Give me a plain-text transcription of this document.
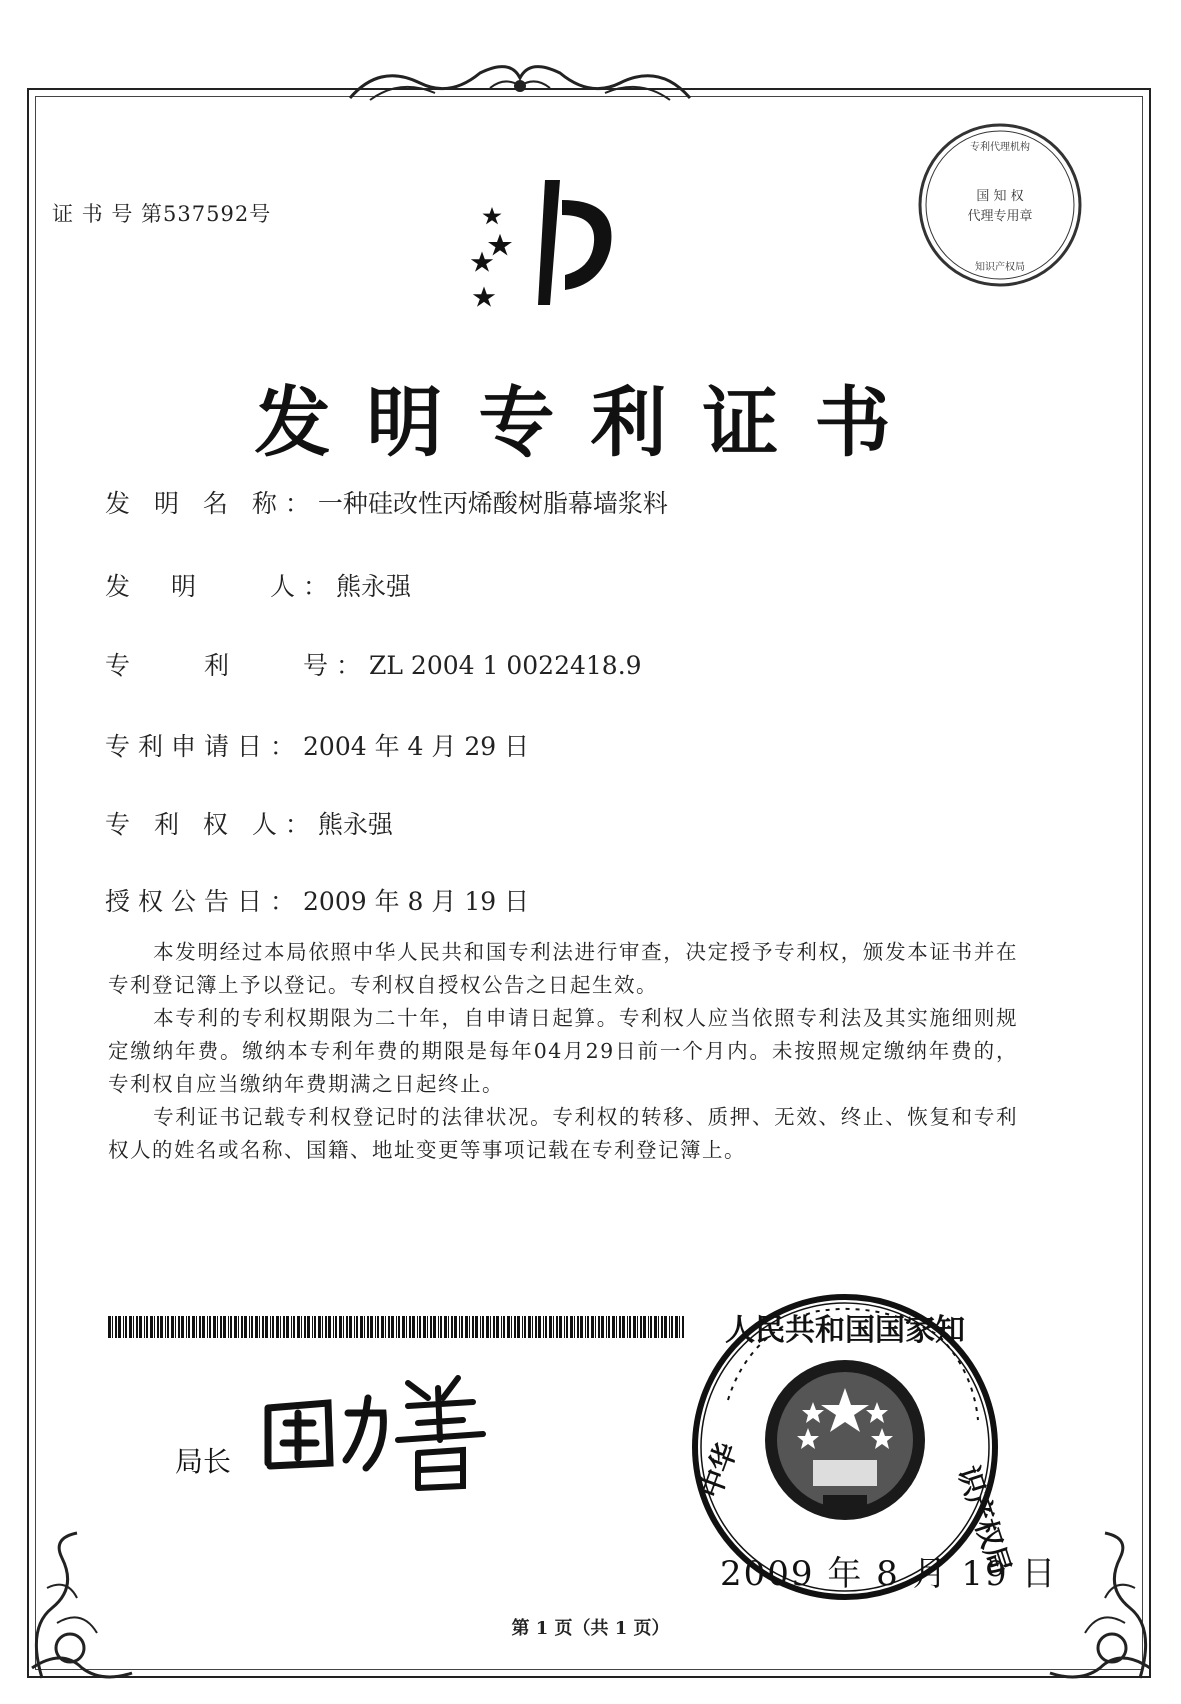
证 书 号 第537592号
国 知 权
代理专用章
专利代理机构
知识产权局
发明专利证书
发 明 名 称：一种硅改性丙烯酸树脂幕墙浆料
发　明　　人：熊永强
专　　利　　号：ZL 2004 1 0022418.9
专利申请日：2004 年 4 月 29 日
专 利 权 人：熊永强
授权公告日：2009 年 8 月 19 日

本发明经过本局依照中华人民共和国专利法进行审查，决定授予专利权，颁发本证书并在专利登记簿上予以登记。专利权自授权公告之日起生效。

本专利的专利权期限为二十年，自申请日起算。专利权人应当依照专利法及其实施细则规定缴纳年费。缴纳本专利年费的期限是每年04月29日前一个月内。未按照规定缴纳年费的，专利权自应当缴纳年费期满之日起终止。

专利证书记载专利权登记时的法律状况。专利权的转移、质押、无效、终止、恢复和专利权人的姓名或名称、国籍、地址变更等事项记载在专利登记簿上。

局长
人民共和国国家知
中华	识产权局
2009 年 8 月 19 日
第 1 页（共 1 页）
